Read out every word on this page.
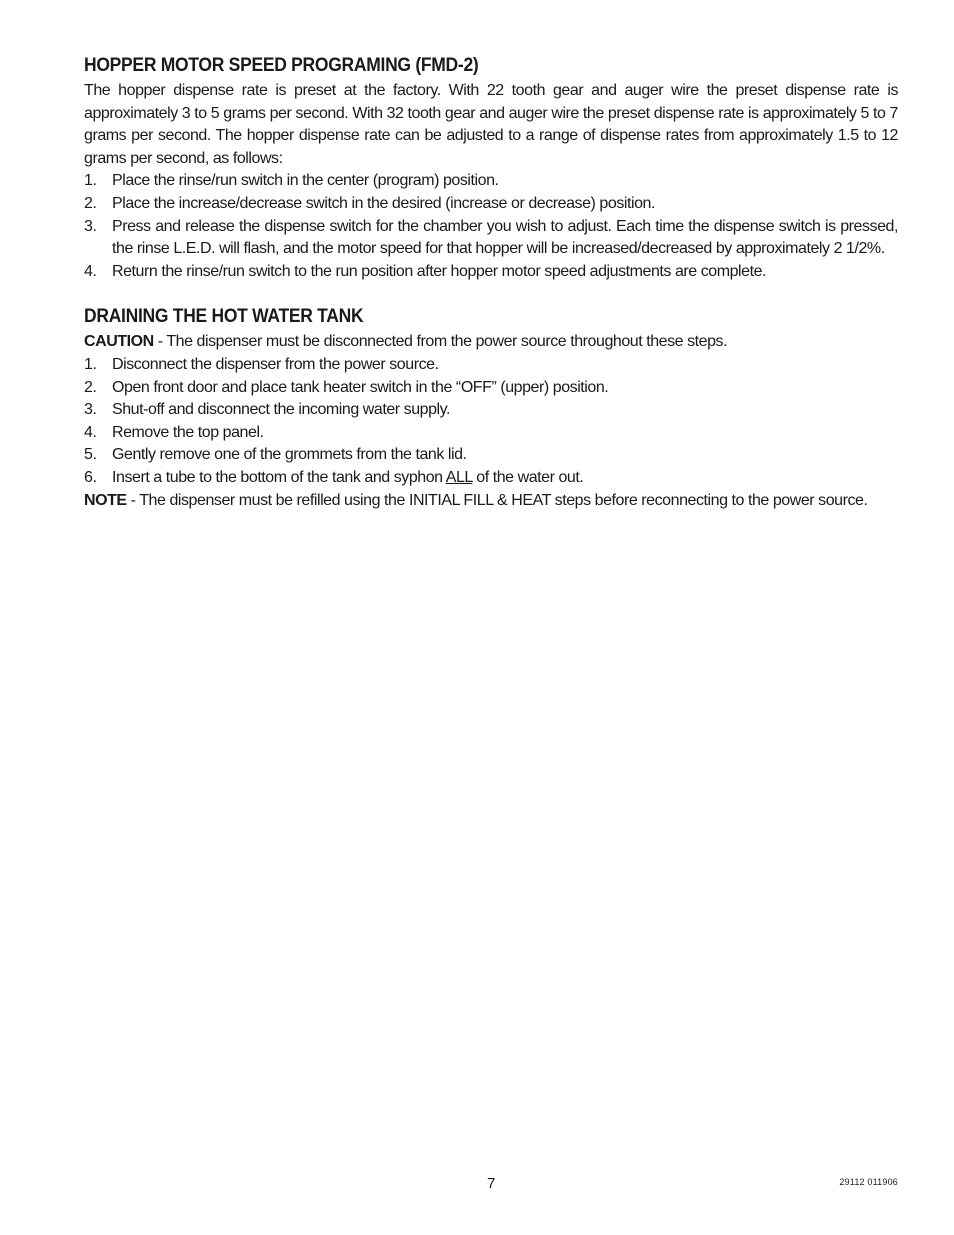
HOPPER MOTOR SPEED PROGRAMING (FMD-2)

The hopper dispense rate is preset at the factory. With 22 tooth gear and auger wire the preset dispense rate is approximately 3 to 5 grams per second. With 32 tooth gear and auger wire the preset dispense rate is approximately 5 to 7 grams per second. The hopper dispense rate can be adjusted to a range of dispense rates from approximately 1.5 to 12 grams per second, as follows:

1. Place the rinse/run switch in the center (program) position.
2. Place the increase/decrease switch in the desired (increase or decrease) position.
3. Press and release the dispense switch for the chamber you wish to adjust. Each time the dispense switch is pressed, the rinse L.E.D. will flash, and the motor speed for that hopper will be increased/decreased by approximately 2 1/2%.
4. Return the rinse/run switch to the run position after hopper motor speed adjustments are complete.
DRAINING THE HOT WATER TANK

CAUTION - The dispenser must be disconnected from the power source throughout these steps.

1. Disconnect the dispenser from the power source.
2. Open front door and place tank heater switch in the “OFF” (upper) position.
3. Shut-off and disconnect the incoming water supply.
4. Remove the top panel.
5. Gently remove one of the grommets from the tank lid.
6. Insert a tube to the bottom of the tank and syphon ALL of the water out.

NOTE - The dispenser must be refilled using the INITIAL FILL & HEAT steps before reconnecting to the power source.

7	29112 011906
